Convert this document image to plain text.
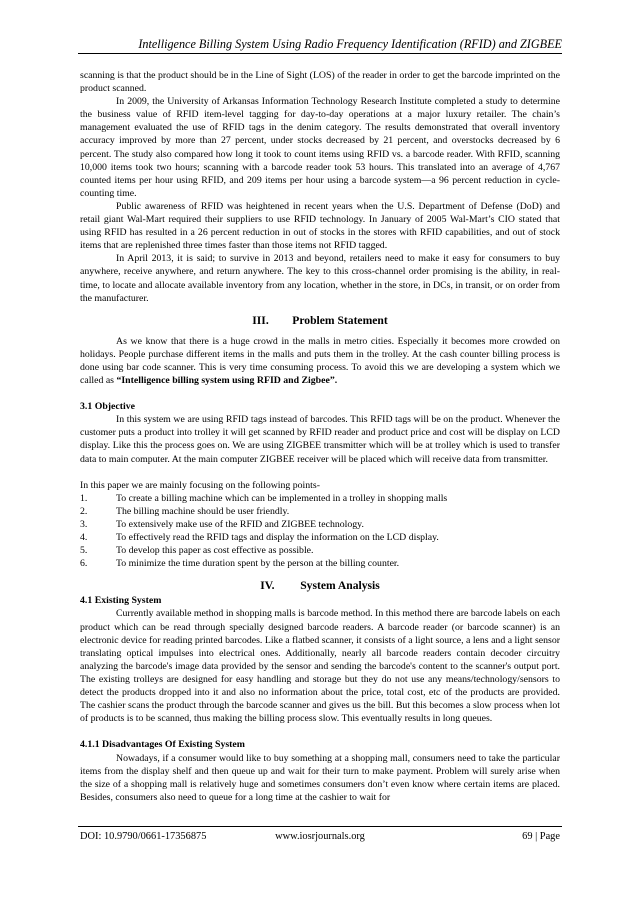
Intelligence Billing System Using Radio Frequency Identification (RFID) and ZIGBEE

scanning is that the product should be in the Line of Sight (LOS) of the reader in order to get the barcode imprinted on the product scanned.

In 2009, the University of Arkansas Information Technology Research Institute completed a study to determine the business value of RFID item-level tagging for day-to-day operations at a major luxury retailer. The chain’s management evaluated the use of RFID tags in the denim category. The results demonstrated that overall inventory accuracy improved by more than 27 percent, under stocks decreased by 21 percent, and overstocks decreased by 6 percent. The study also compared how long it took to count items using RFID vs. a barcode reader. With RFID, scanning 10,000 items took two hours; scanning with a barcode reader took 53 hours. This translated into an average of 4,767 counted items per hour using RFID, and 209 items per hour using a barcode system—a 96 percent reduction in cycle-counting time.

Public awareness of RFID was heightened in recent years when the U.S. Department of Defense (DoD) and retail giant Wal-Mart required their suppliers to use RFID technology. In January of 2005 Wal-Mart’s CIO stated that using RFID has resulted in a 26 percent reduction in out of stocks in the stores with RFID capabilities, and out of stock items that are replenished three times faster than those items not RFID tagged.

In April 2013, it is said; to survive in 2013 and beyond, retailers need to make it easy for consumers to buy anywhere, receive anywhere, and return anywhere. The key to this cross-channel order promising is the ability, in real-time, to locate and allocate available inventory from any location, whether in the store, in DCs, in transit, or on order from the manufacturer.

III. Problem Statement

As we know that there is a huge crowd in the malls in metro cities. Especially it becomes more crowded on holidays. People purchase different items in the malls and puts them in the trolley. At the cash counter billing process is done using bar code scanner. This is very time consuming process. To avoid this we are developing a system which we called as “Intelligence billing system using RFID and Zigbee”.

3.1 Objective

In this system we are using RFID tags instead of barcodes. This RFID tags will be on the product. Whenever the customer puts a product into trolley it will get scanned by RFID reader and product price and cost will be display on LCD display. Like this the process goes on. We are using ZIGBEE transmitter which will be at trolley which is used to transfer data to main computer. At the main computer ZIGBEE receiver will be placed which will receive data from transmitter.

In this paper we are mainly focusing on the following points-

1.	To create a billing machine which can be implemented in a trolley in shopping malls
2.	The billing machine should be user friendly.
3.	To extensively make use of the RFID and ZIGBEE technology.
4.	To effectively read the RFID tags and display the information on the LCD display.
5.	To develop this paper as cost effective as possible.
6.	To minimize the time duration spent by the person at the billing counter.
IV. System Analysis
4.1 Existing System

Currently available method in shopping malls is barcode method. In this method there are barcode labels on each product which can be read through specially designed barcode readers. A barcode reader (or barcode scanner) is an electronic device for reading printed barcodes. Like a flatbed scanner, it consists of a light source, a lens and a light sensor translating optical impulses into electrical ones. Additionally, nearly all barcode readers contain decoder circuitry analyzing the barcode's image data provided by the sensor and sending the barcode's content to the scanner's output port. The existing trolleys are designed for easy handling and storage but they do not use any means/technology/sensors to detect the products dropped into it and also no information about the price, total cost, etc of the products are provided. The cashier scans the product through the barcode scanner and gives us the bill. But this becomes a slow process when lot of products is to be scanned, thus making the billing process slow. This eventually results in long queues.

4.1.1 Disadvantages Of Existing System

Nowadays, if a consumer would like to buy something at a shopping mall, consumers need to take the particular items from the display shelf and then queue up and wait for their turn to make payment. Problem will surely arise when the size of a shopping mall is relatively huge and sometimes consumers don’t even know where certain items are placed. Besides, consumers also need to queue for a long time at the cashier to wait for

DOI: 10.9790/0661-17356875	www.iosrjournals.org	69 | Page
